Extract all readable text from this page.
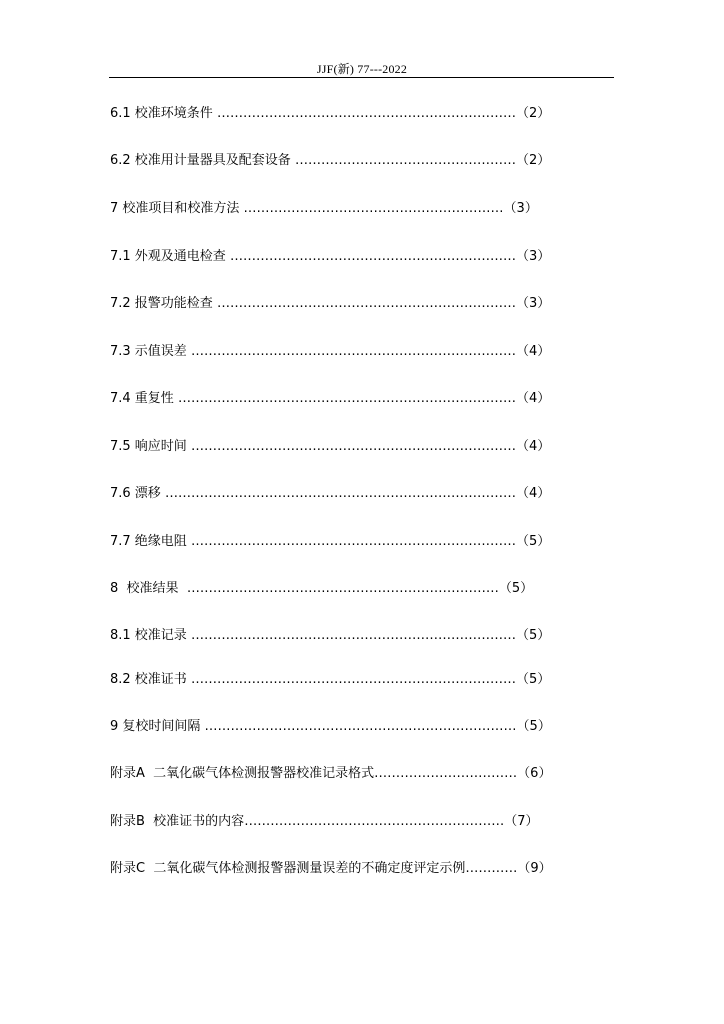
JJF(新) 77---2022
6.1 校准环境条件 ……………………………………………………………（2）
6.2 校准用计量器具及配套设备 ……………………………………………（2）
7 校准项目和校准方法 ……………………………………………………（3）
7.1 外观及通电检查 …………………………………………………………（3）
7.2 报警功能检查 ……………………………………………………………（3）
7.3 示值误差 …………………………………………………………………（4）
7.4 重复性 ……………………………………………………………………（4）
7.5 响应时间 …………………………………………………………………（4）
7.6 漂移 ………………………………………………………………………（4）
7.7 绝缘电阻 …………………………………………………………………（5）
8  校准结果  ………………………………………………………………（5）
8.1 校准记录 …………………………………………………………………（5）
8.2 校准证书 …………………………………………………………………（5）
9 复校时间间隔 ………………………………………………………………（5）
附录A  二氧化碳气体检测报警器校准记录格式……………………………（6）
附录B  校准证书的内容……………………………………………………（7）
附录C  二氧化碳气体检测报警器测量误差的不确定度评定示例…………（9）
